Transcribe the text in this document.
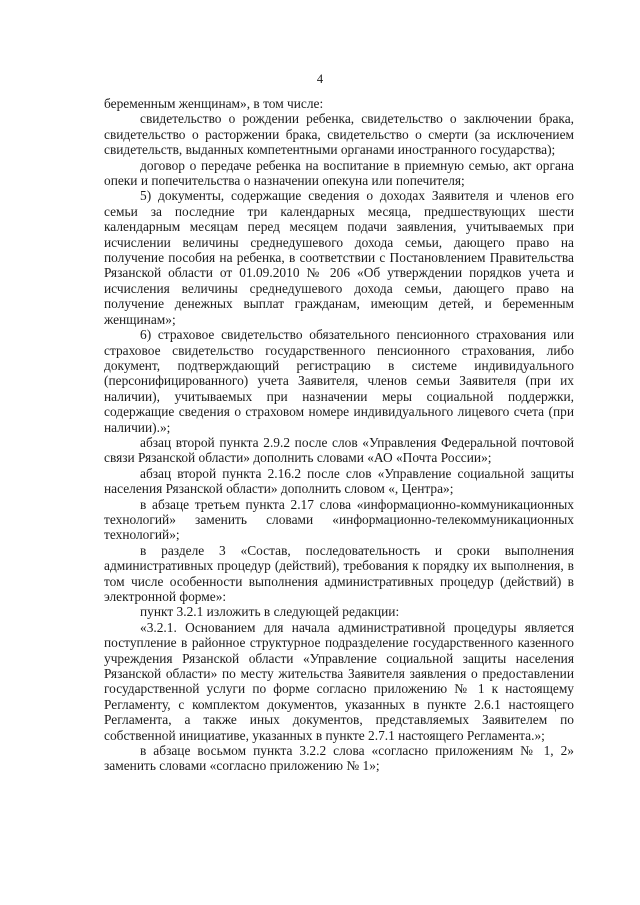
4

беременным женщинам», в том числе:

свидетельство о рождении ребенка, свидетельство о заключении брака, свидетельство о расторжении брака, свидетельство о смерти (за исключением свидетельств, выданных компетентными органами иностранного государства);

договор о передаче ребенка на воспитание в приемную семью, акт органа опеки и попечительства о назначении опекуна или попечителя;

5) документы, содержащие сведения о доходах Заявителя и членов его семьи за последние три календарных месяца, предшествующих шести календарным месяцам перед месяцем подачи заявления, учитываемых при исчислении величины среднедушевого дохода семьи, дающего право на получение пособия на ребенка, в соответствии с Постановлением Правительства Рязанской области от 01.09.2010 № 206 «Об утверждении порядков учета и исчисления величины среднедушевого дохода семьи, дающего право на получение денежных выплат гражданам, имеющим детей, и беременным женщинам»;

6) страховое свидетельство обязательного пенсионного страхования или страховое свидетельство государственного пенсионного страхования, либо документ, подтверждающий регистрацию в системе индивидуального (персонифицированного) учета Заявителя, членов семьи Заявителя (при их наличии), учитываемых при назначении меры социальной поддержки, содержащие сведения о страховом номере индивидуального лицевого счета (при наличии).»;

абзац второй пункта 2.9.2 после слов «Управления Федеральной почтовой связи Рязанской области» дополнить словами «АО «Почта России»;

абзац второй пункта 2.16.2 после слов «Управление социальной защиты населения Рязанской области» дополнить словом «, Центра»;

в абзаце третьем пункта 2.17 слова «информационно-коммуникационных технологий» заменить словами «информационно-телекоммуникационных технологий»;

в разделе 3 «Состав, последовательность и сроки выполнения административных процедур (действий), требования к порядку их выполнения, в том числе особенности выполнения административных процедур (действий) в электронной форме»:

пункт 3.2.1 изложить в следующей редакции:

«3.2.1. Основанием для начала административной процедуры является поступление в районное структурное подразделение государственного казенного учреждения Рязанской области «Управление социальной защиты населения Рязанской области» по месту жительства Заявителя заявления о предоставлении государственной услуги по форме согласно приложению № 1 к настоящему Регламенту, с комплектом документов, указанных в пункте 2.6.1 настоящего Регламента, а также иных документов, представляемых Заявителем по собственной инициативе, указанных в пункте 2.7.1 настоящего Регламента.»;

в абзаце восьмом пункта 3.2.2 слова «согласно приложениям № 1, 2» заменить словами «согласно приложению № 1»;
